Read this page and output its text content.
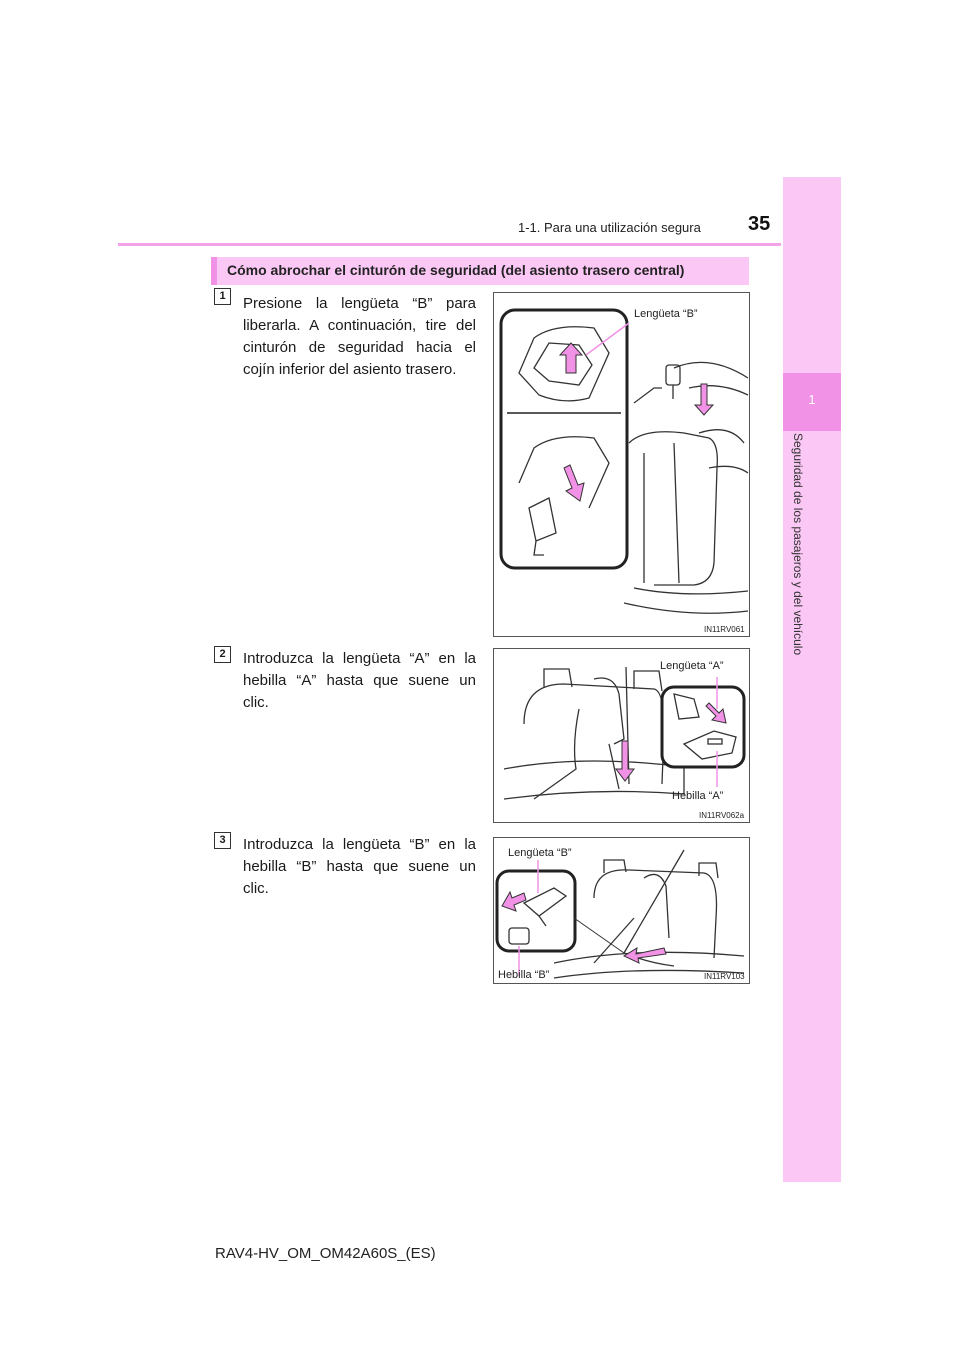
1-1. Para una utilización segura 35
1
Seguridad de los pasajeros y del vehículo
Cómo abrochar el cinturón de seguridad (del asiento trasero central)
1	Presione la lengüeta “B” para liberarla. A continuación, tire del cinturón de seguridad hacia el cojín inferior del asiento trasero.
Lengüeta “B”
IN11RV061
2	Introduzca la lengüeta “A” en la hebilla “A” hasta que suene un clic.
Lengüeta “A”
Hebilla “A”
IN11RV062a
3	Introduzca la lengüeta “B” en la hebilla “B” hasta que suene un clic.
Lengüeta “B”
Hebilla “B”	IN11RV103
RAV4-HV_OM_OM42A60S_(ES)
